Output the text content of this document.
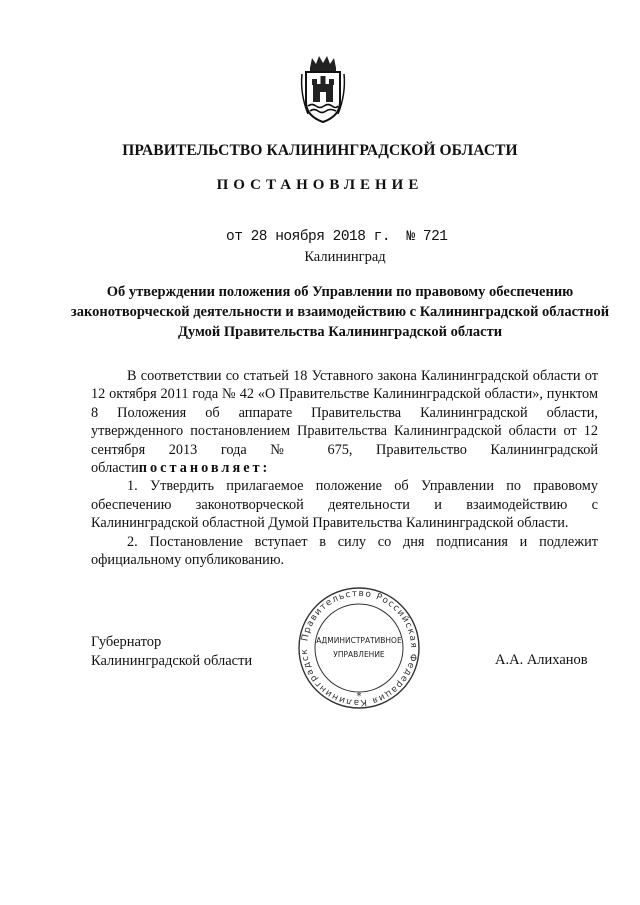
ПРАВИТЕЛЬСТВО КАЛИНИНГРАДСКОЙ ОБЛАСТИ
ПОСТАНОВЛЕНИЕ
от 28 ноября 2018 г. № 721
Калининград
Об утверждении положения об Управлении по правовому обеспечению законотворческой деятельности и взаимодействию с Калининградской областной Думой Правительства Калининградской области

В соответствии со статьей 18 Уставного закона Калининградской области от 12 октября 2011 года № 42 «О Правительстве Калининградской области», пунктом 8 Положения об аппарате Правительства Калининградской области, утвержденного постановлением Правительства Калининградской области от 12 сентября 2013 года № 675, Правительство Калининградской областипостановляет:

1. Утвердить прилагаемое положение об Управлении по правовому обеспечению законотворческой деятельности и взаимодействию с Калининградской областной Думой Правительства Калининградской области.

2. Постановление вступает в силу со дня подписания и подлежит официальному опубликованию.

Губернатор
Калининградской области
Правительство Российская Федерация Калининградск
АДМИНИСТРАТИВНОЕ
УПРАВЛЕНИЕ
*
А.А. Алиханов
